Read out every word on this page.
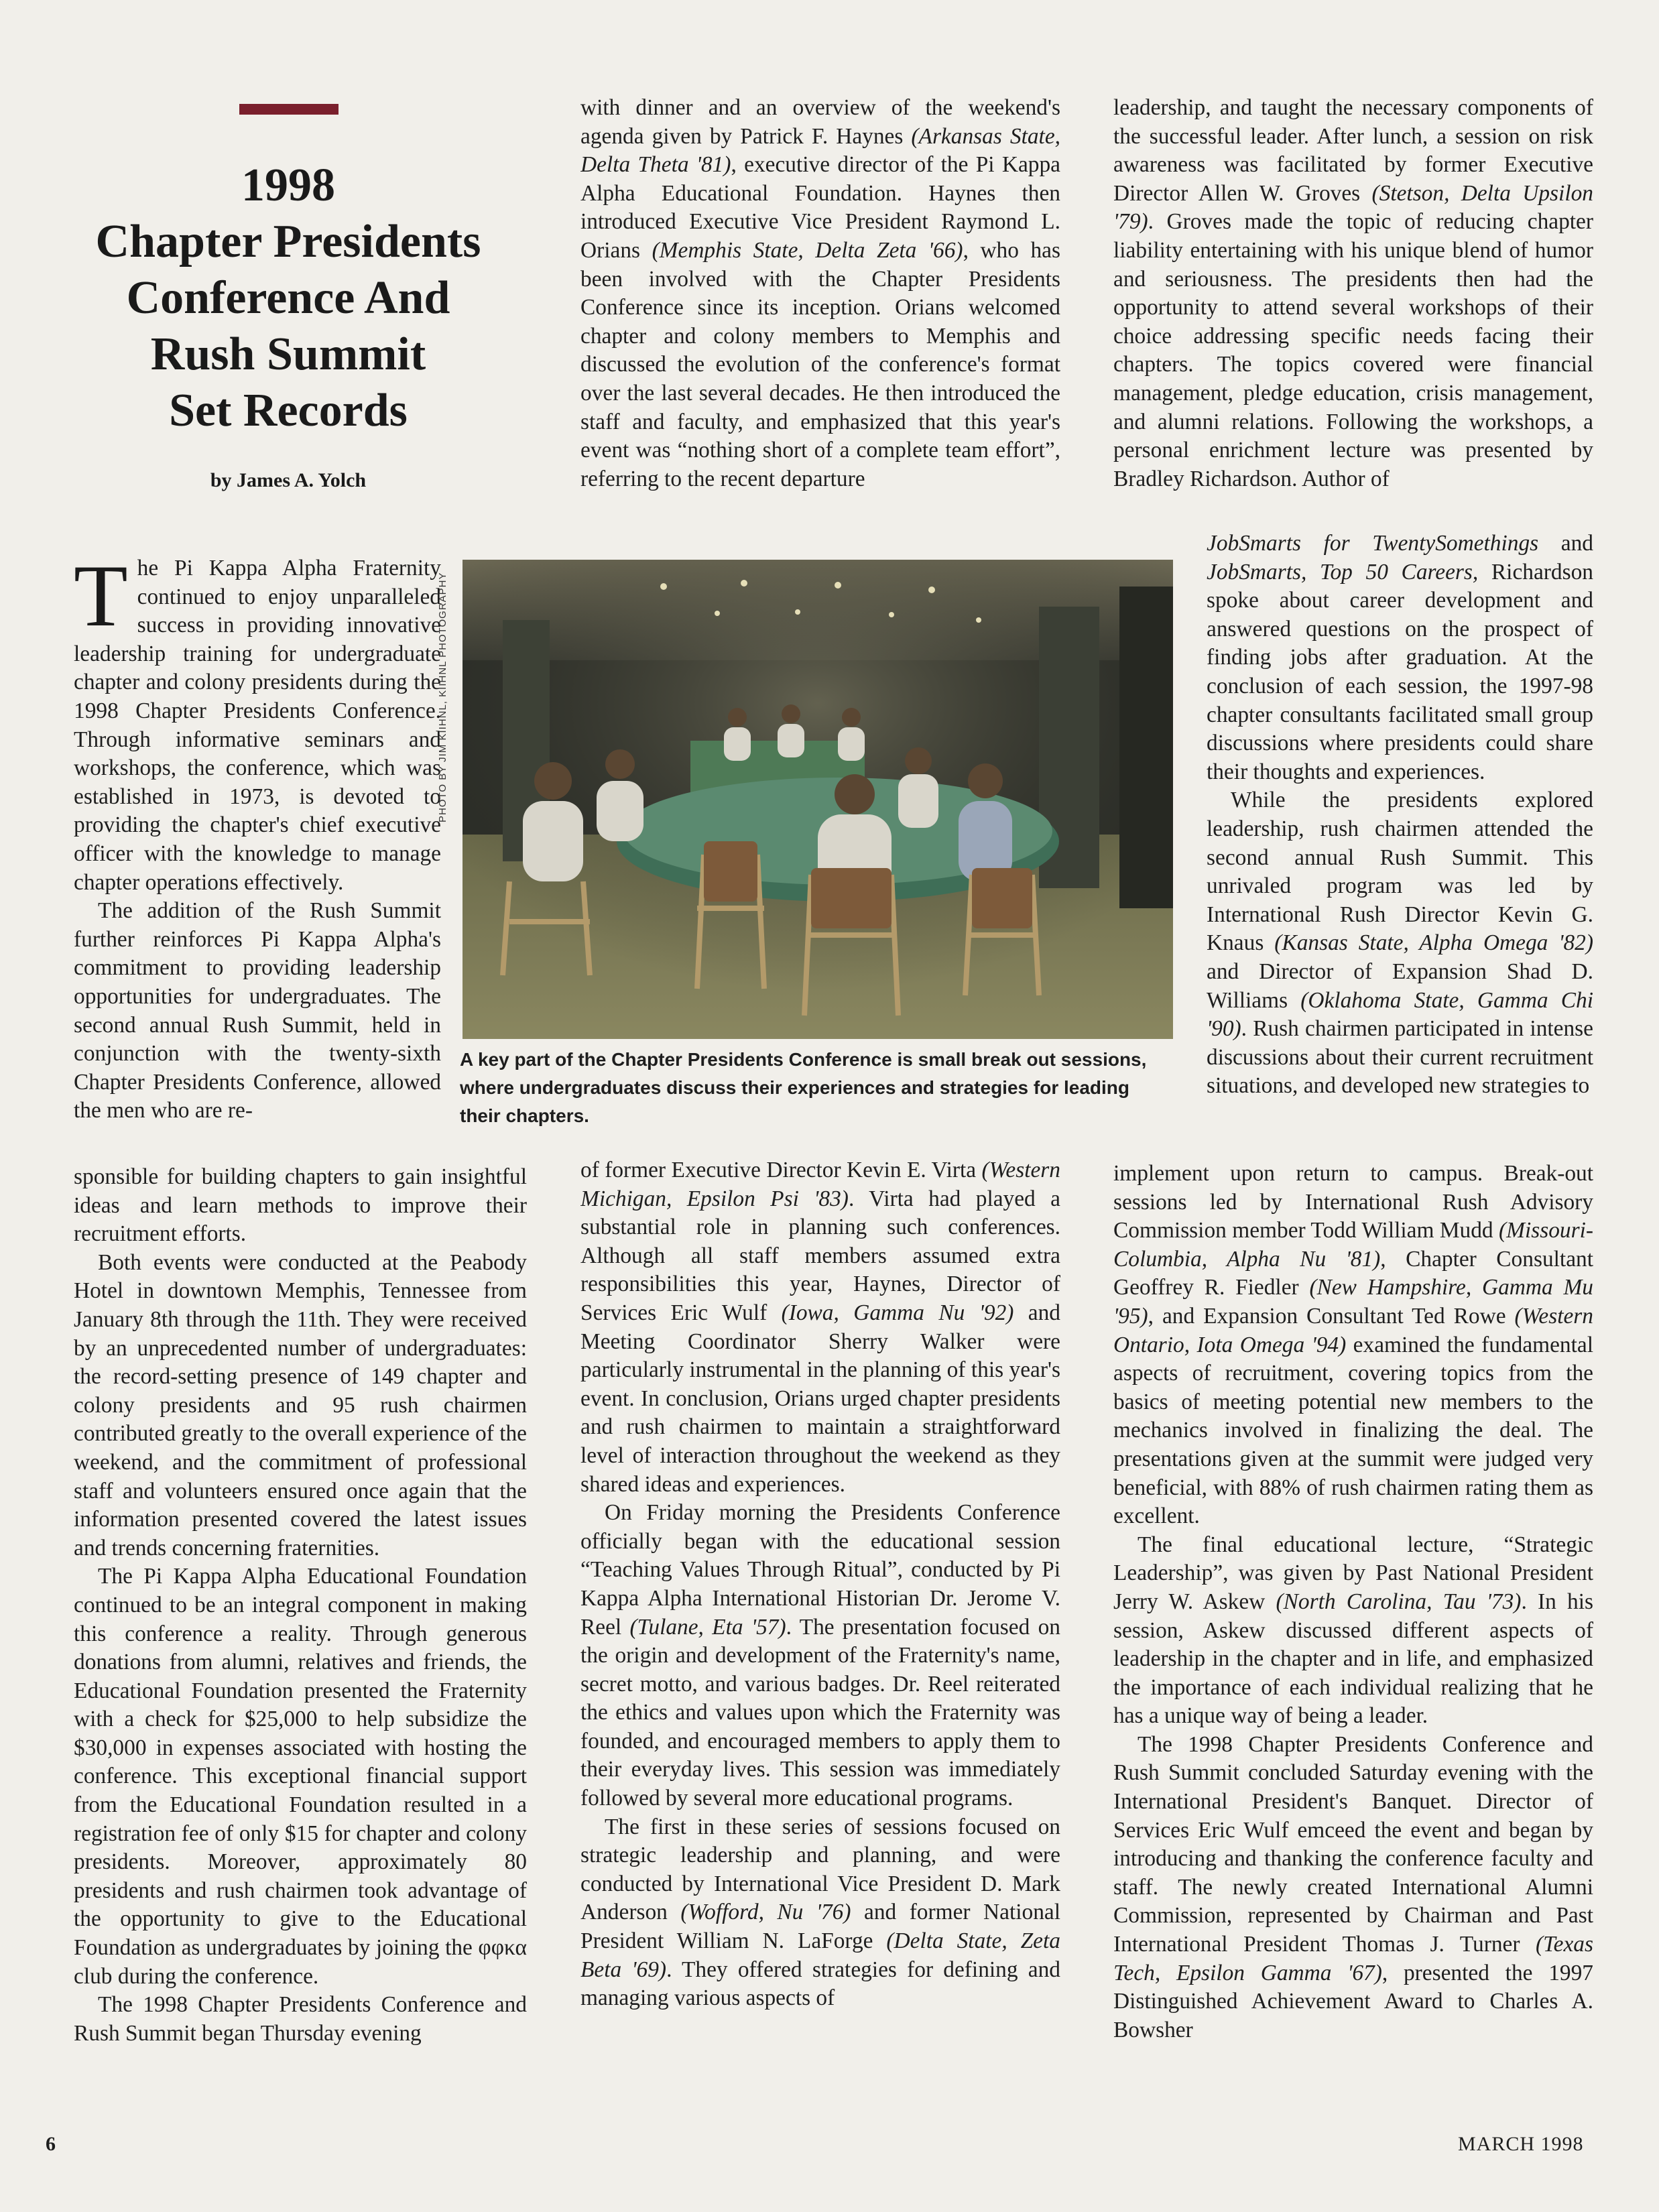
1998
Chapter Presidents
Conference And
Rush Summit
Set Records

by James A. Yolch

The Pi Kappa Alpha Fraternity continued to enjoy unparalleled success in providing innovative leadership training for undergraduate chapter and colony presidents during the 1998 Chapter Presidents Conference. Through informative seminars and workshops, the conference, which was established in 1973, is devoted to providing the chapter's chief executive officer with the knowledge to manage chapter operations effectively.

The addition of the Rush Summit further reinforces Pi Kappa Alpha's commitment to providing leadership opportunities for undergraduates. The second annual Rush Summit, held in conjunction with the twenty-sixth Chapter Presidents Conference, allowed the men who are re-

sponsible for building chapters to gain insightful ideas and learn methods to improve their recruitment efforts.

Both events were conducted at the Peabody Hotel in downtown Memphis, Tennessee from January 8th through the 11th. They were received by an unprecedented number of undergraduates: the record-setting presence of 149 chapter and colony presidents and 95 rush chairmen contributed greatly to the overall experience of the weekend, and the commitment of professional staff and volunteers ensured once again that the information presented covered the latest issues and trends concerning fraternities.

The Pi Kappa Alpha Educational Foundation continued to be an integral component in making this conference a reality. Through generous donations from alumni, relatives and friends, the Educational Foundation presented the Fraternity with a check for $25,000 to help subsidize the $30,000 in expenses associated with hosting the conference. This exceptional financial support from the Educational Foundation resulted in a registration fee of only $15 for chapter and colony presidents. Moreover, approximately 80 presidents and rush chairmen took advantage of the opportunity to give to the Educational Foundation as undergraduates by joining the φφκα club during the conference.

The 1998 Chapter Presidents Conference and Rush Summit began Thursday evening

with dinner and an overview of the weekend's agenda given by Patrick F. Haynes (Arkansas State, Delta Theta '81), executive director of the Pi Kappa Alpha Educational Foundation. Haynes then introduced Executive Vice President Raymond L. Orians (Memphis State, Delta Zeta '66), who has been involved with the Chapter Presidents Conference since its inception. Orians welcomed chapter and colony members to Memphis and discussed the evolution of the conference's format over the last several decades. He then introduced the staff and faculty, and emphasized that this year's event was “nothing short of a complete team effort”, referring to the recent departure

of former Executive Director Kevin E. Virta (Western Michigan, Epsilon Psi '83). Virta had played a substantial role in planning such conferences. Although all staff members assumed extra responsibilities this year, Haynes, Director of Services Eric Wulf (Iowa, Gamma Nu '92) and Meeting Coordinator Sherry Walker were particularly instrumental in the planning of this year's event. In conclusion, Orians urged chapter presidents and rush chairmen to maintain a straightforward level of interaction throughout the weekend as they shared ideas and experiences.

On Friday morning the Presidents Conference officially began with the educational session “Teaching Values Through Ritual”, conducted by Pi Kappa Alpha International Historian Dr. Jerome V. Reel (Tulane, Eta '57). The presentation focused on the origin and development of the Fraternity's name, secret motto, and various badges. Dr. Reel reiterated the ethics and values upon which the Fraternity was founded, and encouraged members to apply them to their everyday lives. This session was immediately followed by several more educational programs.

The first in these series of sessions focused on strategic leadership and planning, and were conducted by International Vice President D. Mark Anderson (Wofford, Nu '76) and former National President William N. LaForge (Delta State, Zeta Beta '69). They offered strategies for defining and managing various aspects of

leadership, and taught the necessary components of the successful leader. After lunch, a session on risk awareness was facilitated by former Executive Director Allen W. Groves (Stetson, Delta Upsilon '79). Groves made the topic of reducing chapter liability entertaining with his unique blend of humor and seriousness. The presidents then had the opportunity to attend several workshops of their choice addressing specific needs facing their chapters. The topics covered were financial management, pledge education, crisis management, and alumni relations. Following the workshops, a personal enrichment lecture was presented by Bradley Richardson. Author of

JobSmarts for TwentySomethings and JobSmarts, Top 50 Careers, Richardson spoke about career development and answered questions on the prospect of finding jobs after graduation. At the conclusion of each session, the 1997-98 chapter consultants facilitated small group discussions where presidents could share their thoughts and experiences.

While the presidents explored leadership, rush chairmen attended the second annual Rush Summit. This unrivaled program was led by International Rush Director Kevin G. Knaus (Kansas State, Alpha Omega '82) and Director of Expansion Shad D. Williams (Oklahoma State, Gamma Chi '90). Rush chairmen participated in intense discussions about their current recruitment situations, and developed new strategies to

implement upon return to campus. Break-out sessions led by International Rush Advisory Commission member Todd William Mudd (Missouri-Columbia, Alpha Nu '81), Chapter Consultant Geoffrey R. Fiedler (New Hampshire, Gamma Mu '95), and Expansion Consultant Ted Rowe (Western Ontario, Iota Omega '94) examined the fundamental aspects of recruitment, covering topics from the basics of meeting potential new members to the mechanics involved in finalizing the deal. The presentations given at the summit were judged very beneficial, with 88% of rush chairmen rating them as excellent.

The final educational lecture, “Strategic Leadership”, was given by Past National President Jerry W. Askew (North Carolina, Tau '73). In his session, Askew discussed different aspects of leadership in the chapter and in life, and emphasized the importance of each individual realizing that he has a unique way of being a leader.

The 1998 Chapter Presidents Conference and Rush Summit concluded Saturday evening with the International President's Banquet. Director of Services Eric Wulf emceed the event and began by introducing and thanking the conference faculty and staff. The newly created International Alumni Commission, represented by Chairman and Past International President Thomas J. Turner (Texas Tech, Epsilon Gamma '67), presented the 1997 Distinguished Achievement Award to Charles A. Bowsher

PHOTO BY JIM KIIHNL, KIIHNL PHOTOGRAPHY

A key part of the Chapter Presidents Conference is small break out sessions, where undergraduates discuss their experiences and strategies for leading their chapters.

6	MARCH 1998
